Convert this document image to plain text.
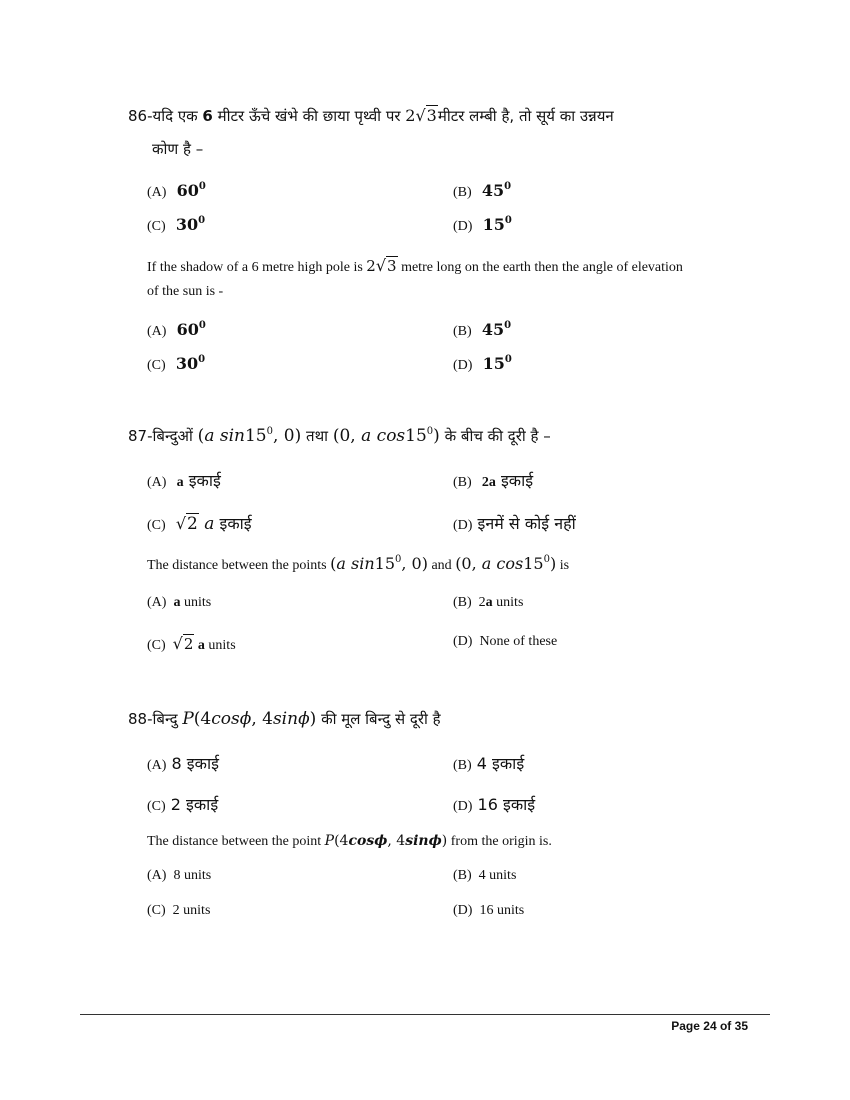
86-यदि एक 6 मीटर ऊँचे खंभे की छाया पृथ्वी पर 2√3मीटर लम्बी है, तो सूर्य का उन्नयन
कोण है –
(A) $60^0$	(B) $45^0$
(C) $30^0$	(D) $15^0$
If the shadow of a 6 metre high pole is 2√3 metre long on the earth then the angle of elevation
of the sun is -
(A) $60^0$	(B) $45^0$
(C) $30^0$	(D) $15^0$
87-बिन्दुओं (a $\sin 15^0$, 0) तथा (0, a $\cos 15^0$) के बीच की दूरी है –
(A) a इकाई	(B) 2a इकाई
(C) √2 a इकाई	(D) इनमें से कोई नहीं
The distance between the points (a $\sin 15^0$, 0) and (0, a $\cos 15^0$) is
(A) a units	(B) 2a units
(C) √2 a units	(D) None of these
88-बिन्दु P(4cosϕ, 4sinϕ) की मूल बिन्दु से दूरी है
(A) 8 इकाई	(B) 4 इकाई
(C) 2 इकाई	(D) 16 इकाई
The distance between the point P(4cosϕ, 4sinϕ) from the origin is.
(A) 8 units	(B) 4 units
(C) 2 units	(D) 16 units
Page 24 of 35
